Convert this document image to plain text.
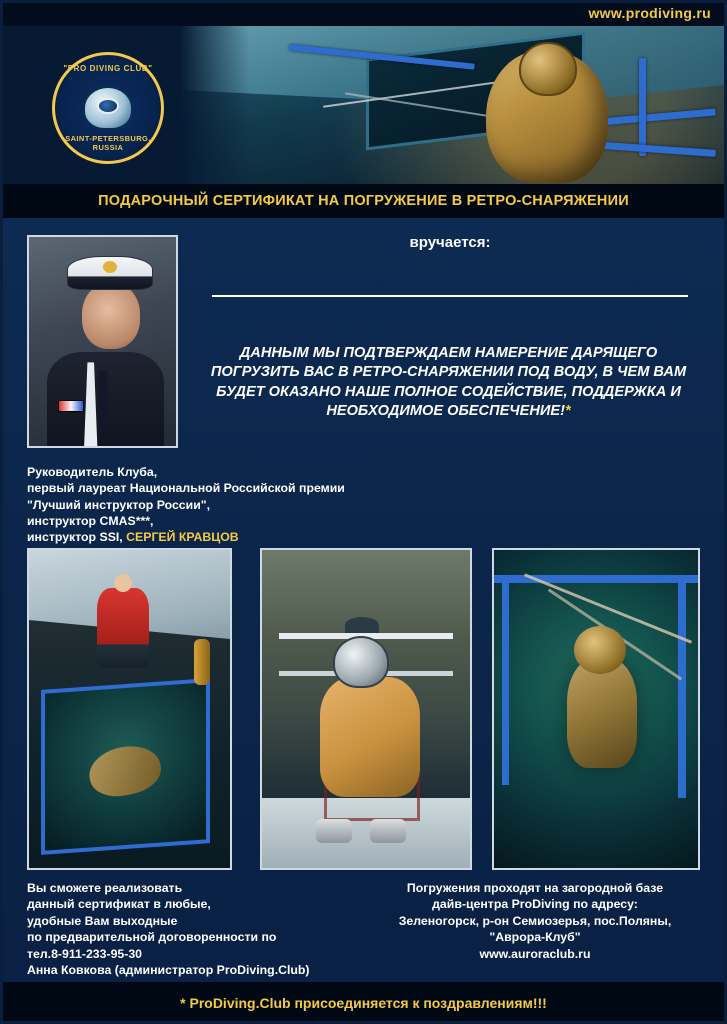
www.prodiving.ru
"PRO DIVING CLUB"
SAINT-PETERSBURG, RUSSIA
ПОДАРОЧНЫЙ СЕРТИФИКАТ НА ПОГРУЖЕНИЕ В РЕТРО-СНАРЯЖЕНИИ
вручается:
ДАННЫМ МЫ ПОДТВЕРЖДАЕМ НАМЕРЕНИЕ ДАРЯЩЕГО ПОГРУЗИТЬ ВАС В РЕТРО-СНАРЯЖЕНИИ ПОД ВОДУ, В ЧЕМ ВАМ БУДЕТ ОКАЗАНО НАШЕ ПОЛНОЕ СОДЕЙСТВИЕ, ПОДДЕРЖКА И НЕОБХОДИМОЕ ОБЕСПЕЧЕНИЕ!*
Руководитель Клуба,
первый лауреат Национальной Российской премии
"Лучший инструктор России",
инструктор CMAS***,
инструктор SSI, СЕРГЕЙ КРАВЦОВ
Вы сможете реализовать
данный сертификат в любые,
удобные Вам выходные
по предварительной договоренности по
тел.8-911-233-95-30
Анна Ковкова (администратор ProDiving.Club)
Погружения проходят на загородной базе
дайв-центра ProDiving по адресу:
Зеленогорск, р-он Семиозерья, пос.Поляны,
"Аврора-Клуб"
www.auroraclub.ru
* ProDiving.Club присоединяется к поздравлениям!!!
